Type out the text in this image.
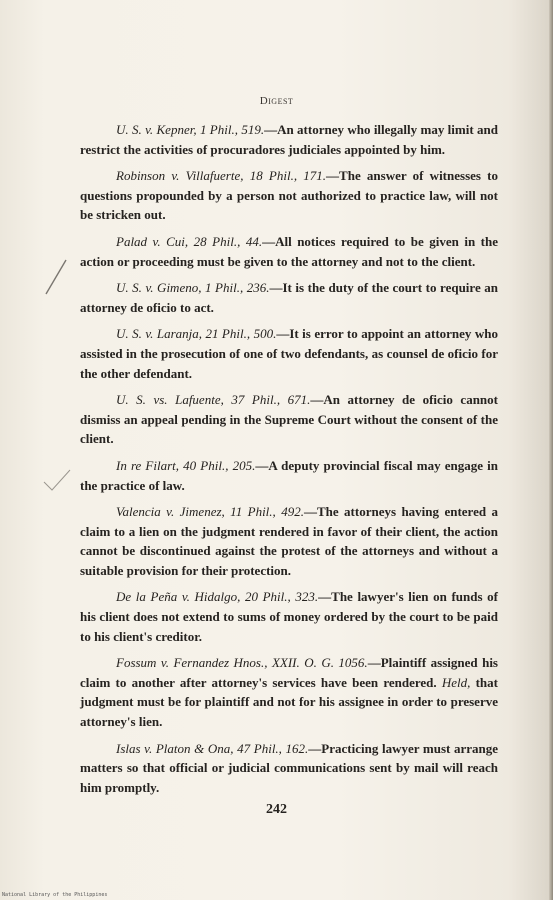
Digest

U. S. v. Kepner, 1 Phil., 519.—An attorney who illegally may limit and restrict the activities of procuradores judiciales appointed by him.

Robinson v. Villafuerte, 18 Phil., 171.—The answer of witnesses to questions propounded by a person not authorized to practice law, will not be stricken out.

Palad v. Cui, 28 Phil., 44.—All notices required to be given in the action or proceeding must be given to the attorney and not to the client.

U. S. v. Gimeno, 1 Phil., 236.—It is the duty of the court to require an attorney de oficio to act.

U. S. v. Laranja, 21 Phil., 500.—It is error to appoint an attorney who assisted in the prosecution of one of two defendants, as counsel de oficio for the other defendant.

U. S. vs. Lafuente, 37 Phil., 671.—An attorney de oficio cannot dismiss an appeal pending in the Supreme Court without the consent of the client.

In re Filart, 40 Phil., 205.—A deputy provincial fiscal may engage in the practice of law.

Valencia v. Jimenez, 11 Phil., 492.—The attorneys having entered a claim to a lien on the judgment rendered in favor of their client, the action cannot be discontinued against the protest of the attorneys and without a suitable provision for their protection.

De la Peña v. Hidalgo, 20 Phil., 323.—The lawyer's lien on funds of his client does not extend to sums of money ordered by the court to be paid to his client's creditor.

Fossum v. Fernandez Hnos., XXII. O. G. 1056.—Plaintiff assigned his claim to another after attorney's services have been rendered. Held, that judgment must be for plaintiff and not for his assignee in order to preserve attorney's lien.

Islas v. Platon & Ona, 47 Phil., 162.—Practicing lawyer must arrange matters so that official or judicial communications sent by mail will reach him promptly.

242
National Library of the Philippines
